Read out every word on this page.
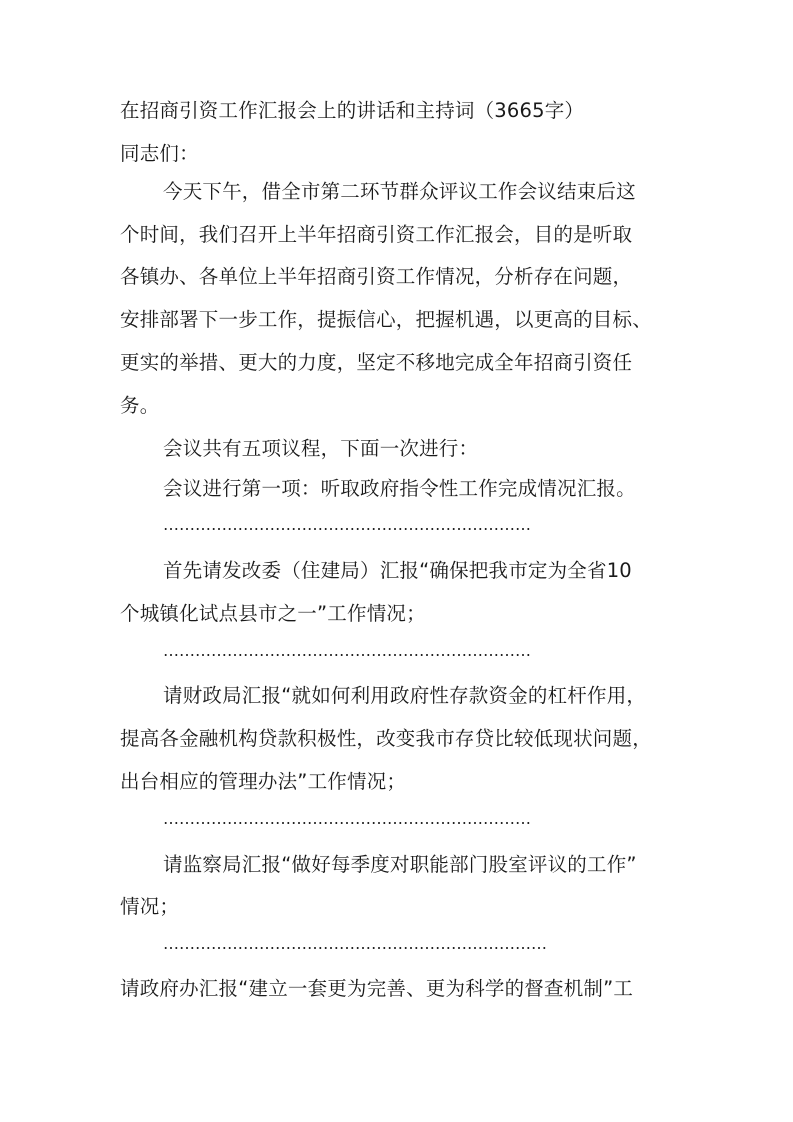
在招商引资工作汇报会上的讲话和主持词（3665字）
同志们：
今天下午，借全市第二环节群众评议工作会议结束后这
个时间，我们召开上半年招商引资工作汇报会，目的是听取
各镇办、各单位上半年招商引资工作情况，分析存在问题，
安排部署下一步工作，提振信心，把握机遇，以更高的目标、
更实的举措、更大的力度，坚定不移地完成全年招商引资任
务。
会议共有五项议程，下面一次进行：
会议进行第一项：听取政府指令性工作完成情况汇报。
……………………………………………………………
首先请发改委（住建局）汇报“确保把我市定为全省10
个城镇化试点县市之一”工作情况；
……………………………………………………………
请财政局汇报“就如何利用政府性存款资金的杠杆作用，
提高各金融机构贷款积极性，改变我市存贷比较低现状问题，
出台相应的管理办法”工作情况；
……………………………………………………………
请监察局汇报“做好每季度对职能部门股室评议的工作”
情况；
………………………………………………………………
请政府办汇报“建立一套更为完善、更为科学的督查机制”工
